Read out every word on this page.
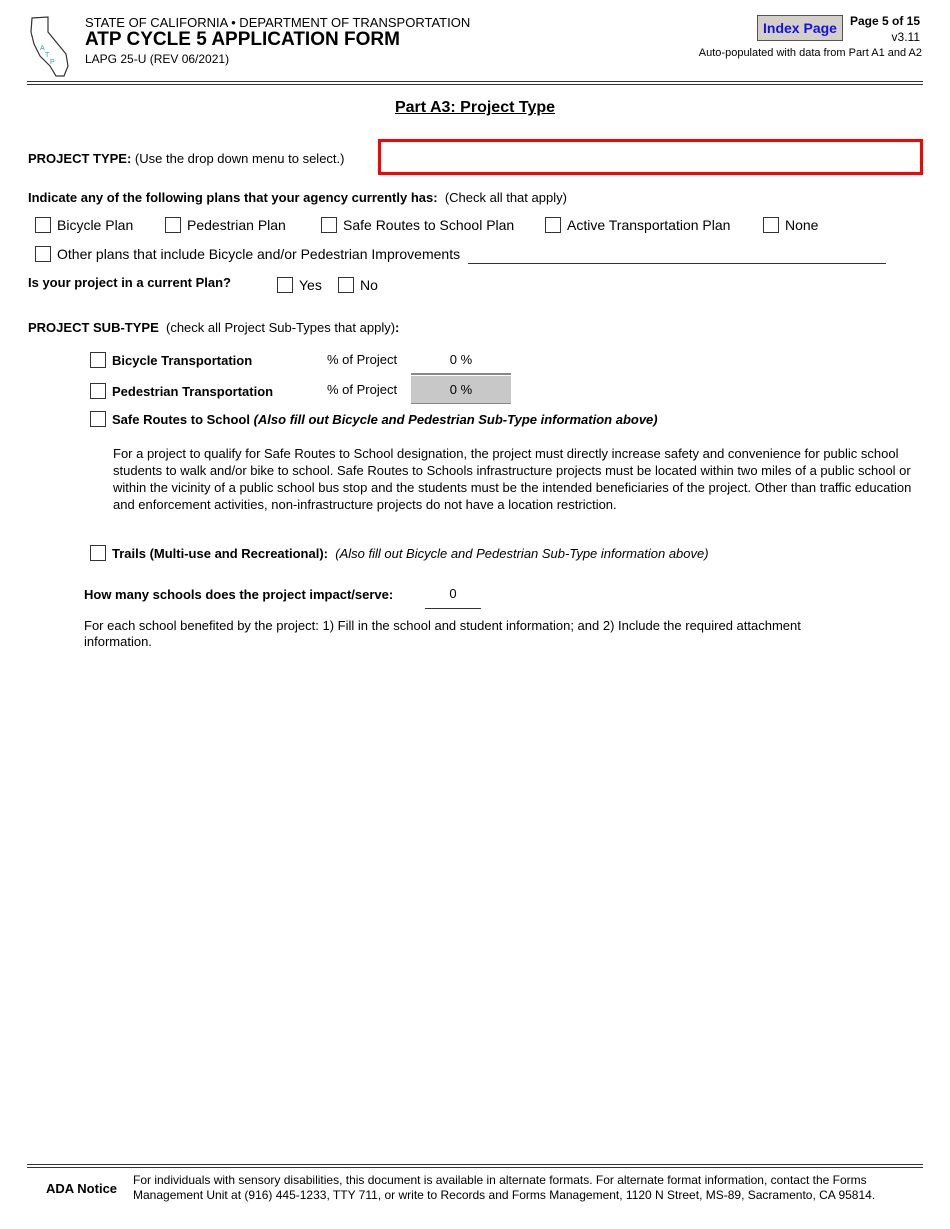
A
T
P
STATE OF CALIFORNIA • DEPARTMENT OF TRANSPORTATION
ATP CYCLE 5 APPLICATION FORM
LAPG 25-U (REV 06/2021)
Index Page	Page 5 of 15
v3.11
Auto-populated with data from Part A1 and A2
Part A3: Project Type
PROJECT TYPE: (Use the drop down menu to select.)
Indicate any of the following plans that your agency currently has: (Check all that apply)
Bicycle Plan	Pedestrian Plan	Safe Routes to School Plan	Active Transportation Plan	None
Other plans that include Bicycle and/or Pedestrian Improvements
Is your project in a current Plan?	Yes	No
PROJECT SUB-TYPE (check all Project Sub-Types that apply):
Bicycle Transportation	% of Project	0 %
Pedestrian Transportation	% of Project	0 %
Safe Routes to School (Also fill out Bicycle and Pedestrian Sub-Type information above)
For a project to qualify for Safe Routes to School designation, the project must directly increase safety and convenience for public school students to walk and/or bike to school. Safe Routes to Schools infrastructure projects must be located within two miles of a public school or within the vicinity of a public school bus stop and the students must be the intended beneficiaries of the project. Other than traffic education and enforcement activities, non-infrastructure projects do not have a location restriction.
Trails (Multi-use and Recreational): (Also fill out Bicycle and Pedestrian Sub-Type information above)
How many schools does the project impact/serve:	0
For each school benefited by the project: 1) Fill in the school and student information; and 2) Include the required attachment information.
ADA Notice
For individuals with sensory disabilities, this document is available in alternate formats. For alternate format information, contact the Forms Management Unit at (916) 445-1233, TTY 711, or write to Records and Forms Management, 1120 N Street, MS-89, Sacramento, CA 95814.
